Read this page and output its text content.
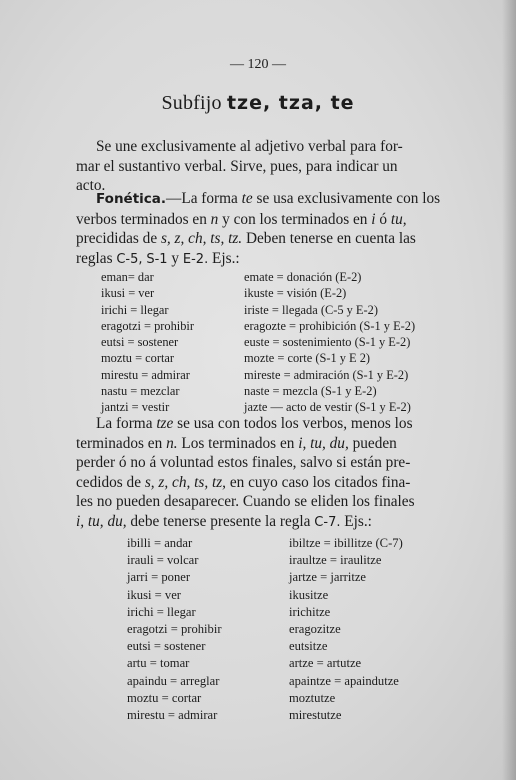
— 120 —
Subfijo tze, tza, te
Se une exclusivamente al adjetivo verbal para for-
mar el sustantivo verbal. Sirve, pues, para indicar un
acto.
Fonética.—La forma te se usa exclusivamente con los
verbos terminados en n y con los terminados en i ó tu,
precididas de s, z, ch, ts, tz. Deben tenerse en cuenta las
reglas C-5, S-1 y E-2. Ejs.:
eman= dar
ikusi = ver
irichi = llegar
eragotzi = prohibir
eutsi = sostener
moztu = cortar
mirestu = admirar
nastu = mezclar
jantzi = vestir
emate = donación (E-2)
ikuste = visión (E-2)
iriste = llegada (C-5 y E-2)
eragozte = prohibición (S-1 y E-2)
euste = sostenimiento (S-1 y E-2)
mozte = corte (S-1 y E 2)
mireste = admiración (S-1 y E-2)
naste = mezcla (S-1 y E-2)
jazte — acto de vestir (S-1 y E-2)
La forma tze se usa con todos los verbos, menos los
terminados en n. Los terminados en i, tu, du, pueden
perder ó no á voluntad estos finales, salvo si están pre-
cedidos de s, z, ch, ts, tz, en cuyo caso los citados fina-
les no pueden desaparecer. Cuando se eliden los finales
i, tu, du, debe tenerse presente la regla C-7. Ejs.:
ibilli = andar
irauli = volcar
jarri = poner
ikusi = ver
irichi = llegar
eragotzi = prohibir
eutsi = sostener
artu = tomar
apaindu = arreglar
moztu = cortar
mirestu = admirar
ibiltze = ibillitze (C-7)
iraultze = iraulitze
jartze = jarritze
ikusitze
irichitze
eragozitze
eutsitze
artze = artutze
apaintze = apaindutze
moztutze
mirestutze
